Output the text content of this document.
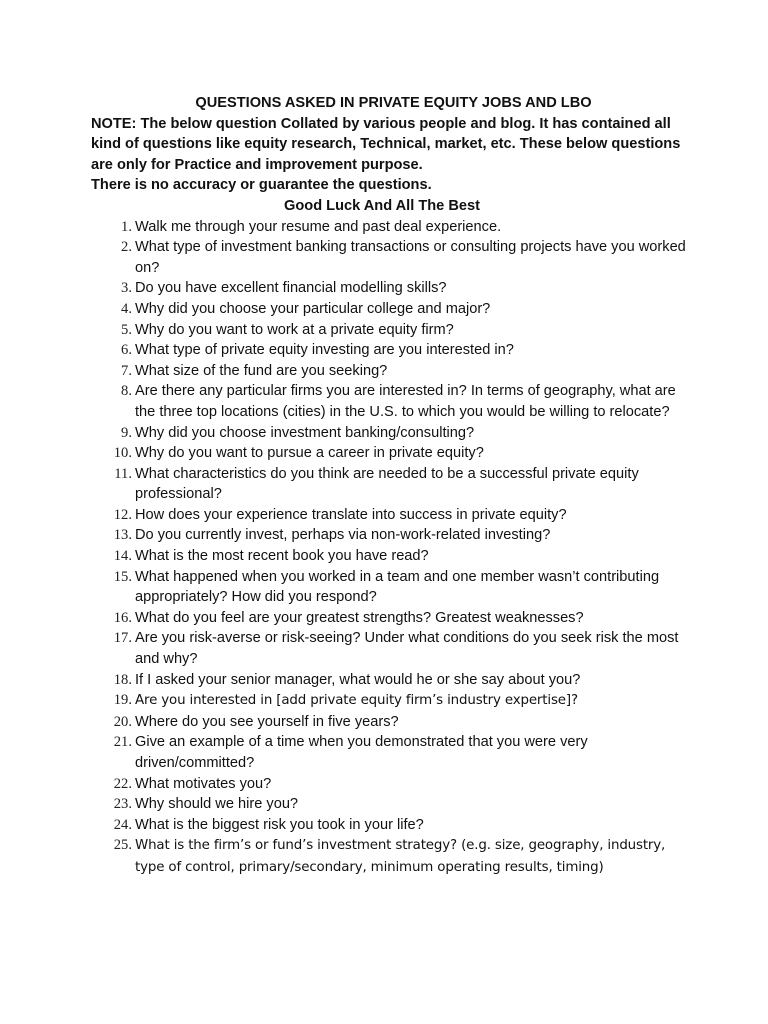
QUESTIONS ASKED IN PRIVATE EQUITY JOBS AND LBO

NOTE: The below question Collated by various people and blog. It has contained all kind of questions like equity research, Technical, market, etc. These below questions are only for Practice and improvement purpose.

There is no accuracy or guarantee the questions.

Good Luck And All The Best
1. Walk me through your resume and past deal experience.
2. What type of investment banking transactions or consulting projects have you worked on?
3. Do you have excellent financial modelling skills?
4. Why did you choose your particular college and major?
5. Why do you want to work at a private equity firm?
6. What type of private equity investing are you interested in?
7. What size of the fund are you seeking?
8. Are there any particular firms you are interested in? In terms of geography, what are the three top locations (cities) in the U.S. to which you would be willing to relocate?
9. Why did you choose investment banking/consulting?
10. Why do you want to pursue a career in private equity?
11. What characteristics do you think are needed to be a successful private equity professional?
12. How does your experience translate into success in private equity?
13. Do you currently invest, perhaps via non-work-related investing?
14. What is the most recent book you have read?
15. What happened when you worked in a team and one member wasn’t contributing appropriately? How did you respond?
16. What do you feel are your greatest strengths? Greatest weaknesses?
17. Are you risk-averse or risk-seeing? Under what conditions do you seek risk the most and why?
18. If I asked your senior manager, what would he or she say about you?
19. Are you interested in [add private equity firm’s industry expertise]?
20. Where do you see yourself in five years?
21. Give an example of a time when you demonstrated that you were very driven/committed?
22. What motivates you?
23. Why should we hire you?
24. What is the biggest risk you took in your life?
25. What is the firm’s or fund’s investment strategy? (e.g. size, geography, industry, type of control, primary/secondary, minimum operating results, timing)
